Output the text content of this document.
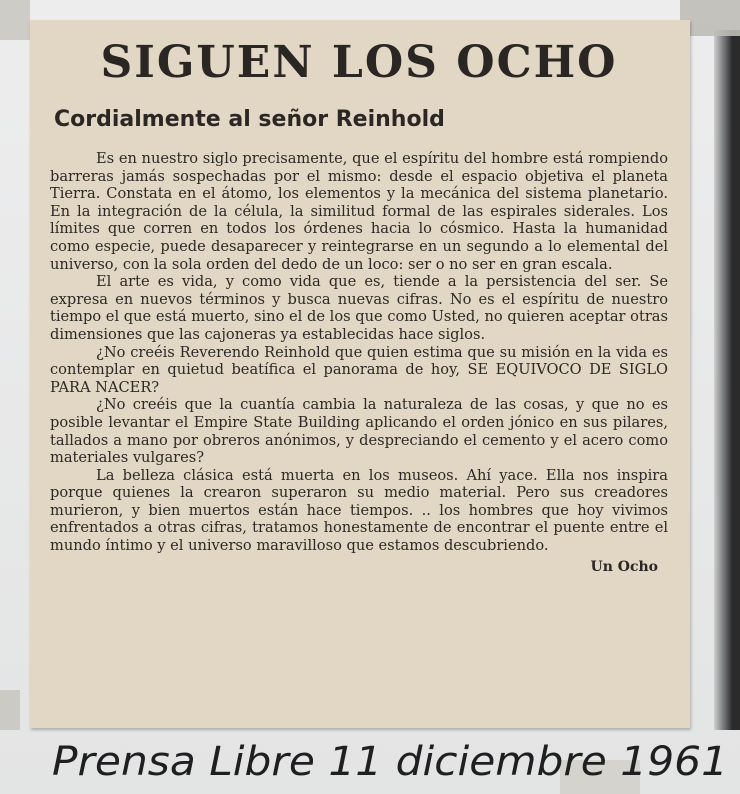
SIGUEN LOS OCHO
Cordialmente al señor Reinhold

Es en nuestro siglo precisamente, que el espíritu del hombre está rompiendo barreras jamás sospechadas por el mismo: desde el espacio objetiva el planeta Tierra. Constata en el átomo, los elementos y la mecánica del sistema planetario. En la integración de la célula, la similitud formal de las espirales siderales. Los límites que corren en todos los órdenes hacia lo cósmico. Hasta la humanidad como especie, puede desaparecer y reintegrarse en un segundo a lo elemental del universo, con la sola orden del dedo de un loco: ser o no ser en gran escala.

El arte es vida, y como vida que es, tiende a la persistencia del ser. Se expresa en nuevos términos y busca nuevas cifras. No es el espíritu de nuestro tiempo el que está muerto, sino el de los que como Usted, no quieren aceptar otras dimensiones que las cajoneras ya establecidas hace siglos.

¿No creéis Reverendo Reinhold que quien estima que su misión en la vida es contemplar en quietud beatífica el panorama de hoy, SE EQUIVOCO DE SIGLO PARA NACER?

¿No creéis que la cuantía cambia la naturaleza de las cosas, y que no es posible levantar el Empire State Building aplicando el orden jónico en sus pilares, tallados a mano por obreros anónimos, y despreciando el cemento y el acero como materiales vulgares?

La belleza clásica está muerta en los museos. Ahí yace. Ella nos inspira porque quienes la crearon superaron su medio material. Pero sus creadores murieron, y bien muertos están hace tiempos. .. los hombres que hoy vivimos enfrentados a otras cifras, tratamos honestamente de encontrar el puente entre el mundo íntimo y el universo maravilloso que estamos descubriendo.

Un Ocho
Prensa Libre 11 diciembre 1961
